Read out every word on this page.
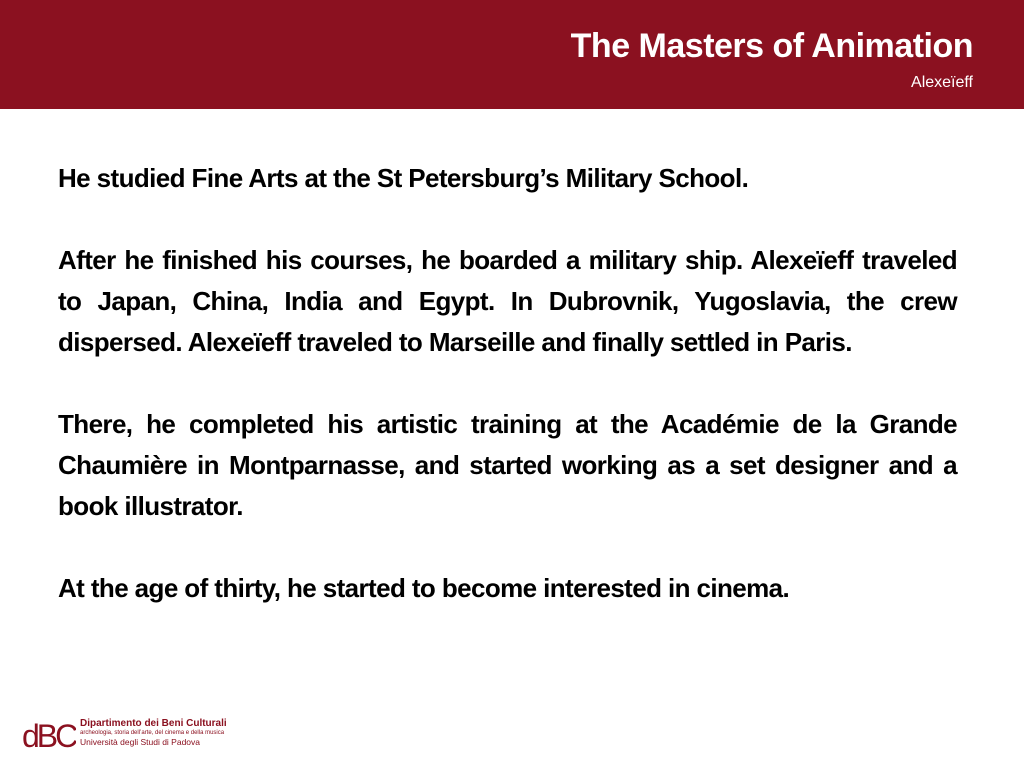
The Masters of Animation
Alexeïeff

He studied Fine Arts at the St Petersburg’s Military School.

After he finished his courses, he boarded a military ship. Alexeïeff traveled to Japan, China, India and Egypt. In Dubrovnik, Yugoslavia, the crew dispersed. Alexeïeff traveled to Marseille and finally settled in Paris.

There, he completed his artistic training at the Académie de la Grande Chaumière in Montparnasse, and started working as a set designer and a book illustrator.

At the age of thirty, he started to become interested in cinema.

dBC Dipartimento dei Beni Culturali
archeologia, storia dell’arte, del cinema e della musica
Università degli Studi di Padova
